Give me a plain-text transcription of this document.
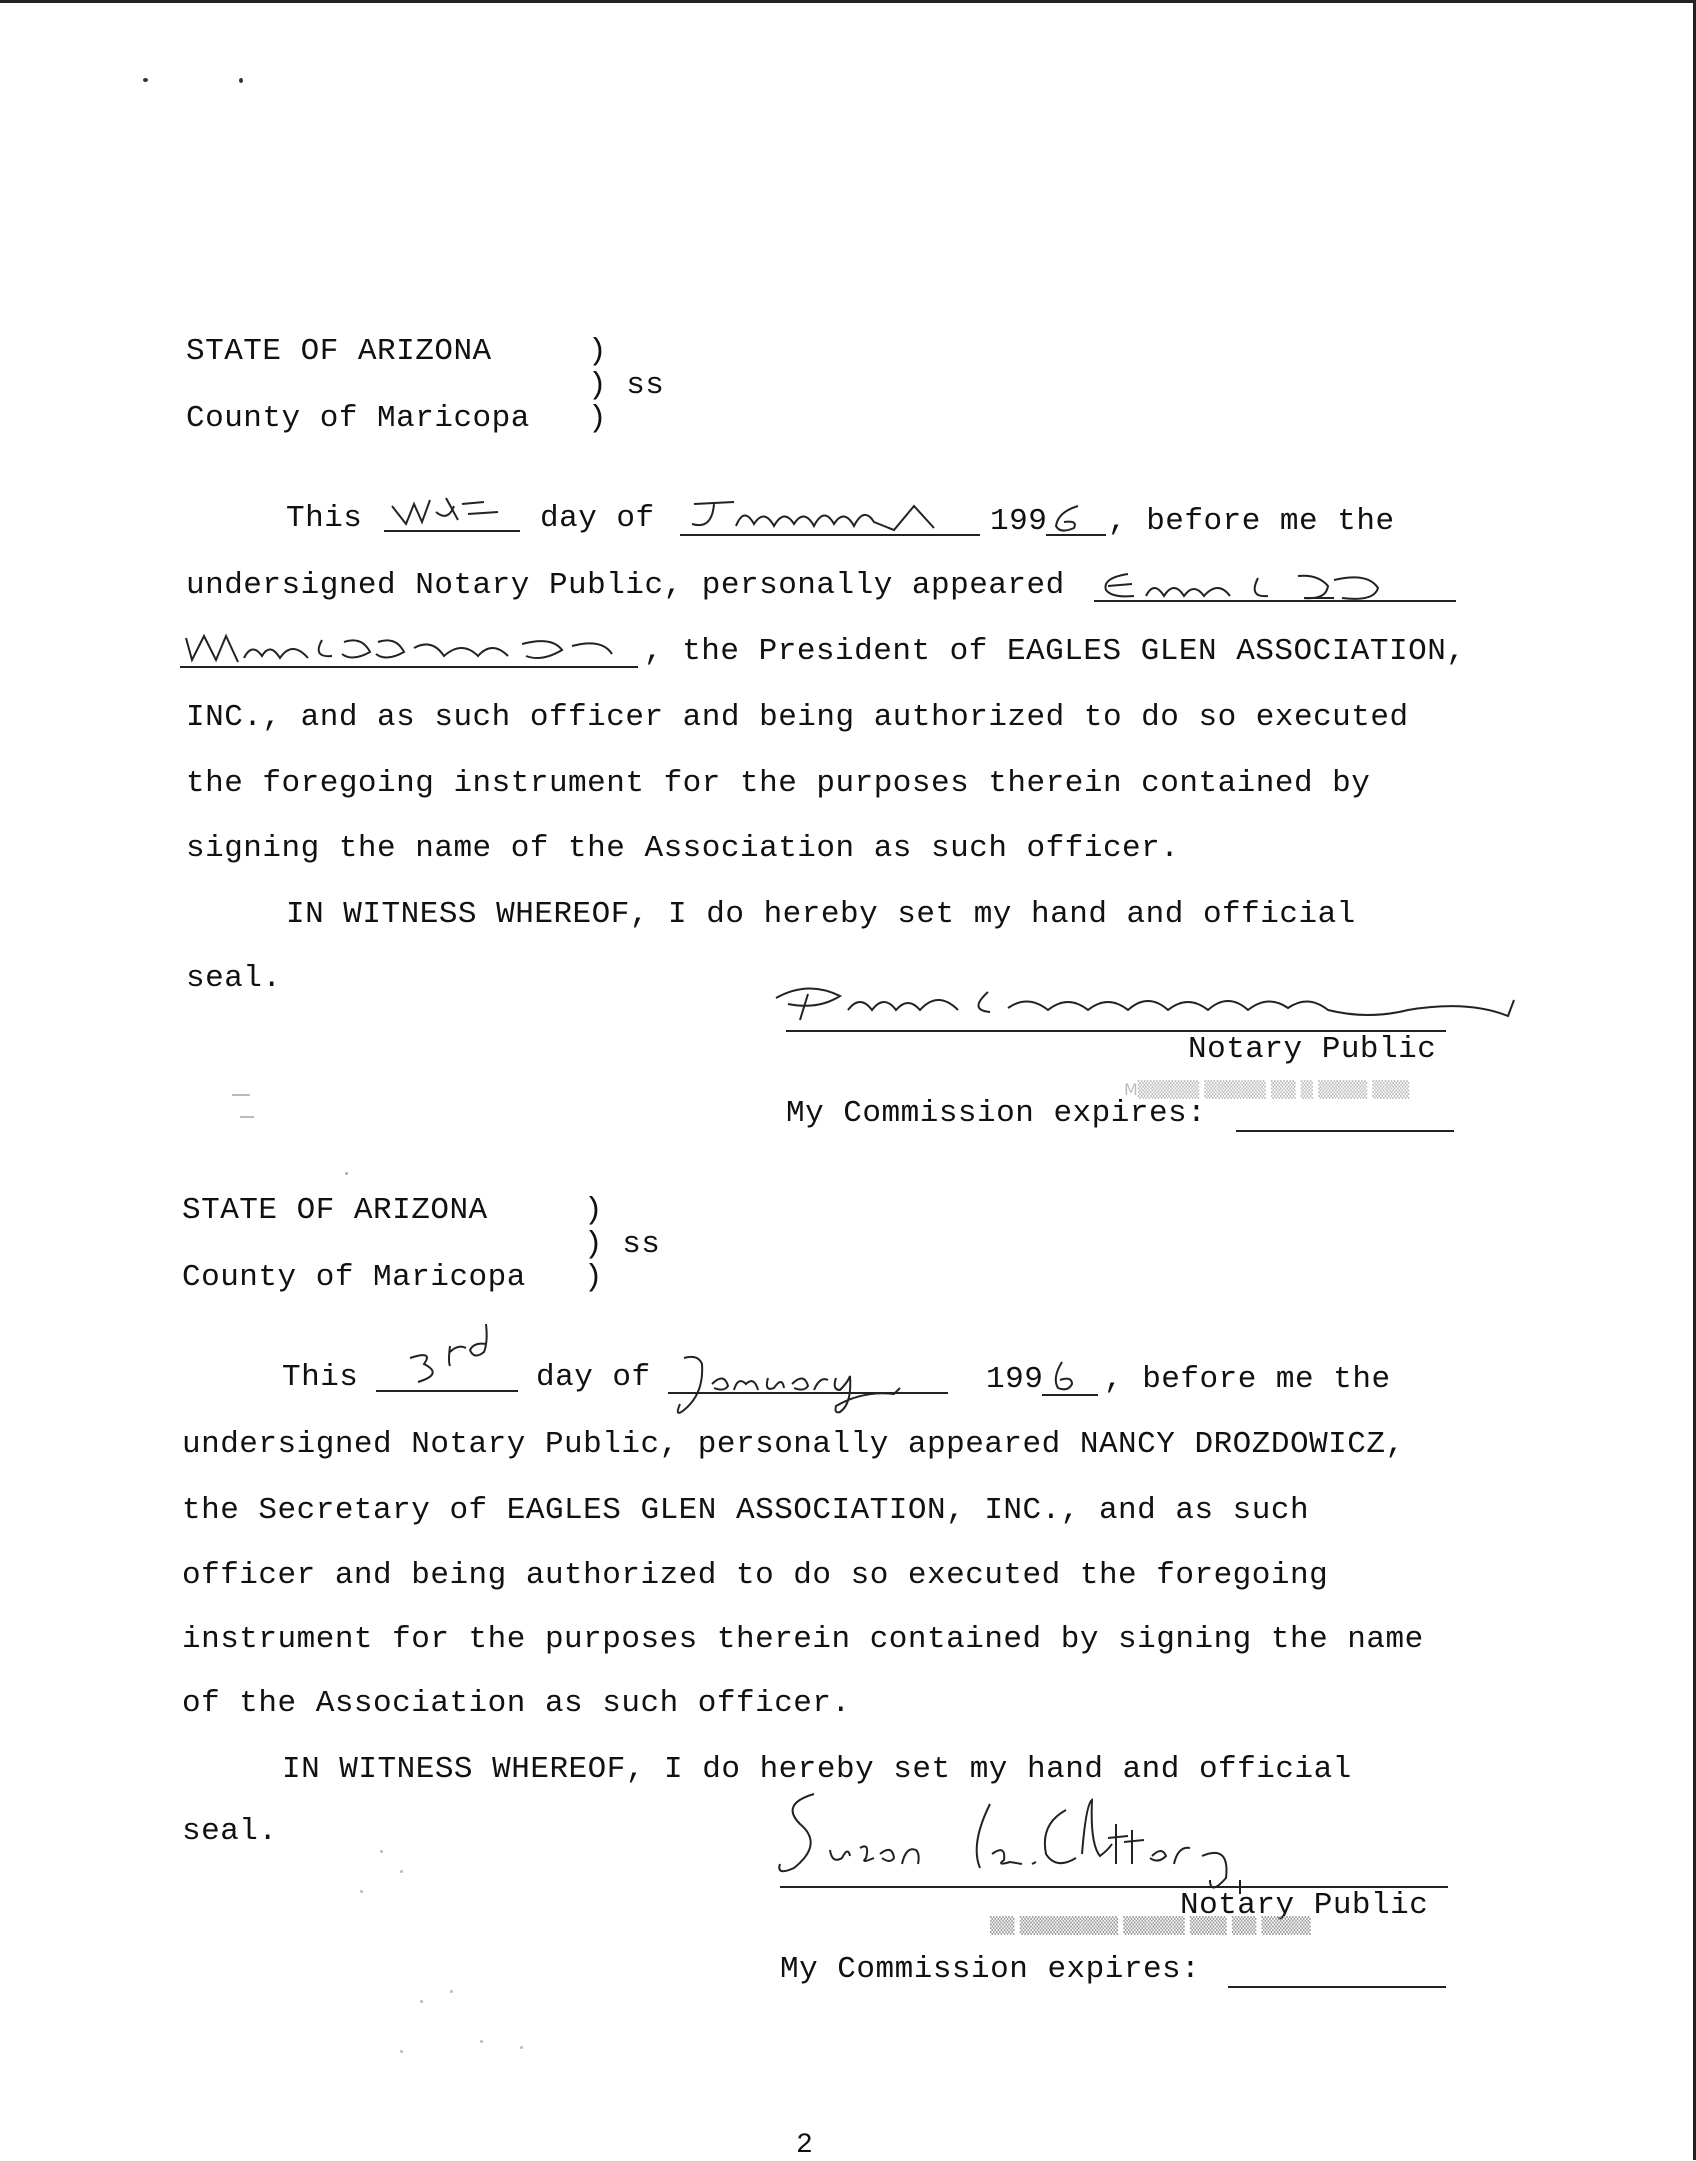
STATE OF ARIZONA	)
) ss
County of Maricopa )
This	day of	199 , before me the
undersigned Notary Public, personally appeared
, the President of EAGLES GLEN ASSOCIATION,
INC., and as such officer and being authorized to do so executed
the foregoing instrument for the purposes therein contained by
signing the name of the Association as such officer.
IN WITNESS WHEREOF, I do hereby set my hand and official
seal.
Notary Public
M▒▒▒▒▒ ▒▒▒▒▒ ▒▒ ▒ ▒▒▒▒ ▒▒▒
My Commission expires:
STATE OF ARIZONA	)
) ss
County of Maricopa )
This	day of	199 , before me the
undersigned Notary Public, personally appeared NANCY DROZDOWICZ,
the Secretary of EAGLES GLEN ASSOCIATION, INC., and as such
officer and being authorized to do so executed the foregoing
instrument for the purposes therein contained by signing the name
of the Association as such officer.
IN WITNESS WHEREOF, I do hereby set my hand and official
seal.
Notary Public
▒▒ ▒▒▒▒▒▒▒▒ ▒▒▒▒▒ ▒▒▒ ▒▒ ▒▒▒▒
My Commission expires:
2
